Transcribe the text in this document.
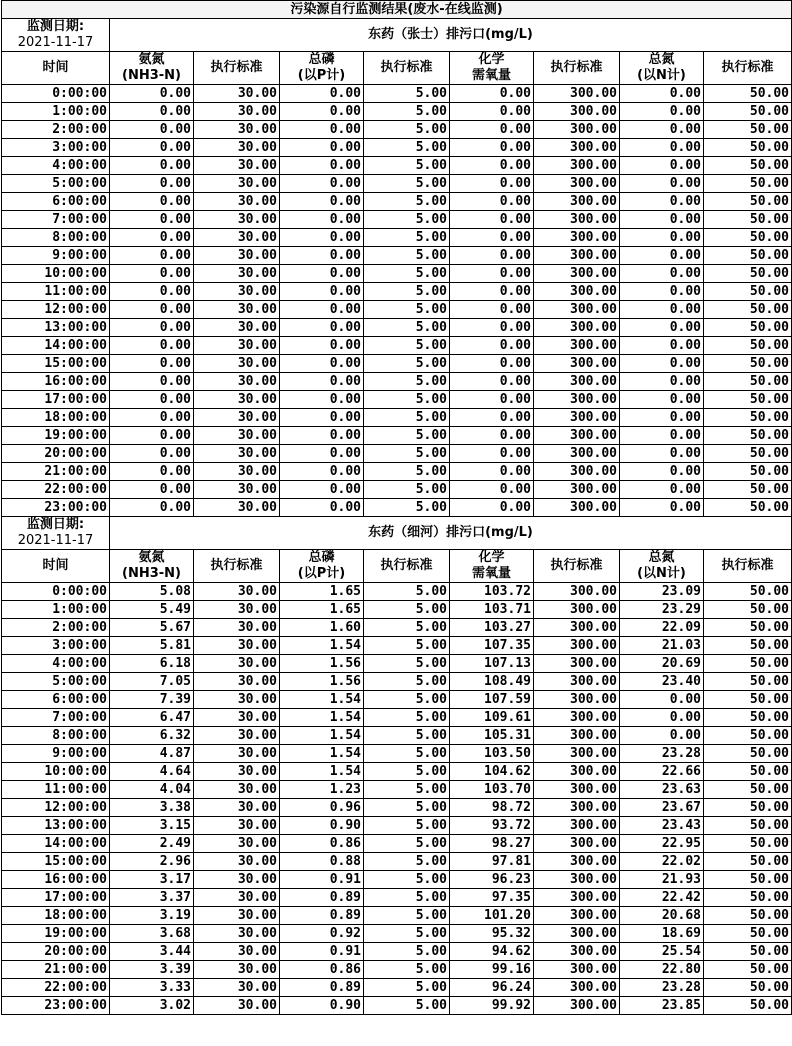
污染源自行监测结果(废水-在线监测)								

监测日期:
2021-11-17	东药（张士）排污口(mg/L)							

时间	氨氮
(NH3-N)	执行标准	总磷
(以P计)	执行标准	化学
需氧量	执行标准	总氮
(以N计)	执行标准

0:00:00	0.00	30.00	0.00	5.00	0.00	300.00	0.00	50.00
1:00:00	0.00	30.00	0.00	5.00	0.00	300.00	0.00	50.00
2:00:00	0.00	30.00	0.00	5.00	0.00	300.00	0.00	50.00
3:00:00	0.00	30.00	0.00	5.00	0.00	300.00	0.00	50.00
4:00:00	0.00	30.00	0.00	5.00	0.00	300.00	0.00	50.00
5:00:00	0.00	30.00	0.00	5.00	0.00	300.00	0.00	50.00
6:00:00	0.00	30.00	0.00	5.00	0.00	300.00	0.00	50.00
7:00:00	0.00	30.00	0.00	5.00	0.00	300.00	0.00	50.00
8:00:00	0.00	30.00	0.00	5.00	0.00	300.00	0.00	50.00
9:00:00	0.00	30.00	0.00	5.00	0.00	300.00	0.00	50.00
10:00:00	0.00	30.00	0.00	5.00	0.00	300.00	0.00	50.00
11:00:00	0.00	30.00	0.00	5.00	0.00	300.00	0.00	50.00
12:00:00	0.00	30.00	0.00	5.00	0.00	300.00	0.00	50.00
13:00:00	0.00	30.00	0.00	5.00	0.00	300.00	0.00	50.00
14:00:00	0.00	30.00	0.00	5.00	0.00	300.00	0.00	50.00
15:00:00	0.00	30.00	0.00	5.00	0.00	300.00	0.00	50.00
16:00:00	0.00	30.00	0.00	5.00	0.00	300.00	0.00	50.00
17:00:00	0.00	30.00	0.00	5.00	0.00	300.00	0.00	50.00
18:00:00	0.00	30.00	0.00	5.00	0.00	300.00	0.00	50.00
19:00:00	0.00	30.00	0.00	5.00	0.00	300.00	0.00	50.00
20:00:00	0.00	30.00	0.00	5.00	0.00	300.00	0.00	50.00
21:00:00	0.00	30.00	0.00	5.00	0.00	300.00	0.00	50.00
22:00:00	0.00	30.00	0.00	5.00	0.00	300.00	0.00	50.00
23:00:00	0.00	30.00	0.00	5.00	0.00	300.00	0.00	50.00

监测日期:
2021-11-17	东药（细河）排污口(mg/L)							

时间	氨氮
(NH3-N)	执行标准	总磷
(以P计)	执行标准	化学
需氧量	执行标准	总氮
(以N计)	执行标准

0:00:00	5.08	30.00	1.65	5.00	103.72	300.00	23.09	50.00
1:00:00	5.49	30.00	1.65	5.00	103.71	300.00	23.29	50.00
2:00:00	5.67	30.00	1.60	5.00	103.27	300.00	22.09	50.00
3:00:00	5.81	30.00	1.54	5.00	107.35	300.00	21.03	50.00
4:00:00	6.18	30.00	1.56	5.00	107.13	300.00	20.69	50.00
5:00:00	7.05	30.00	1.56	5.00	108.49	300.00	23.40	50.00
6:00:00	7.39	30.00	1.54	5.00	107.59	300.00	0.00	50.00
7:00:00	6.47	30.00	1.54	5.00	109.61	300.00	0.00	50.00
8:00:00	6.32	30.00	1.54	5.00	105.31	300.00	0.00	50.00
9:00:00	4.87	30.00	1.54	5.00	103.50	300.00	23.28	50.00
10:00:00	4.64	30.00	1.54	5.00	104.62	300.00	22.66	50.00
11:00:00	4.04	30.00	1.23	5.00	103.70	300.00	23.63	50.00
12:00:00	3.38	30.00	0.96	5.00	98.72	300.00	23.67	50.00
13:00:00	3.15	30.00	0.90	5.00	93.72	300.00	23.43	50.00
14:00:00	2.49	30.00	0.86	5.00	98.27	300.00	22.95	50.00
15:00:00	2.96	30.00	0.88	5.00	97.81	300.00	22.02	50.00
16:00:00	3.17	30.00	0.91	5.00	96.23	300.00	21.93	50.00
17:00:00	3.37	30.00	0.89	5.00	97.35	300.00	22.42	50.00
18:00:00	3.19	30.00	0.89	5.00	101.20	300.00	20.68	50.00
19:00:00	3.68	30.00	0.92	5.00	95.32	300.00	18.69	50.00
20:00:00	3.44	30.00	0.91	5.00	94.62	300.00	25.54	50.00
21:00:00	3.39	30.00	0.86	5.00	99.16	300.00	22.80	50.00
22:00:00	3.33	30.00	0.89	5.00	96.24	300.00	23.28	50.00
23:00:00	3.02	30.00	0.90	5.00	99.92	300.00	23.85	50.00
